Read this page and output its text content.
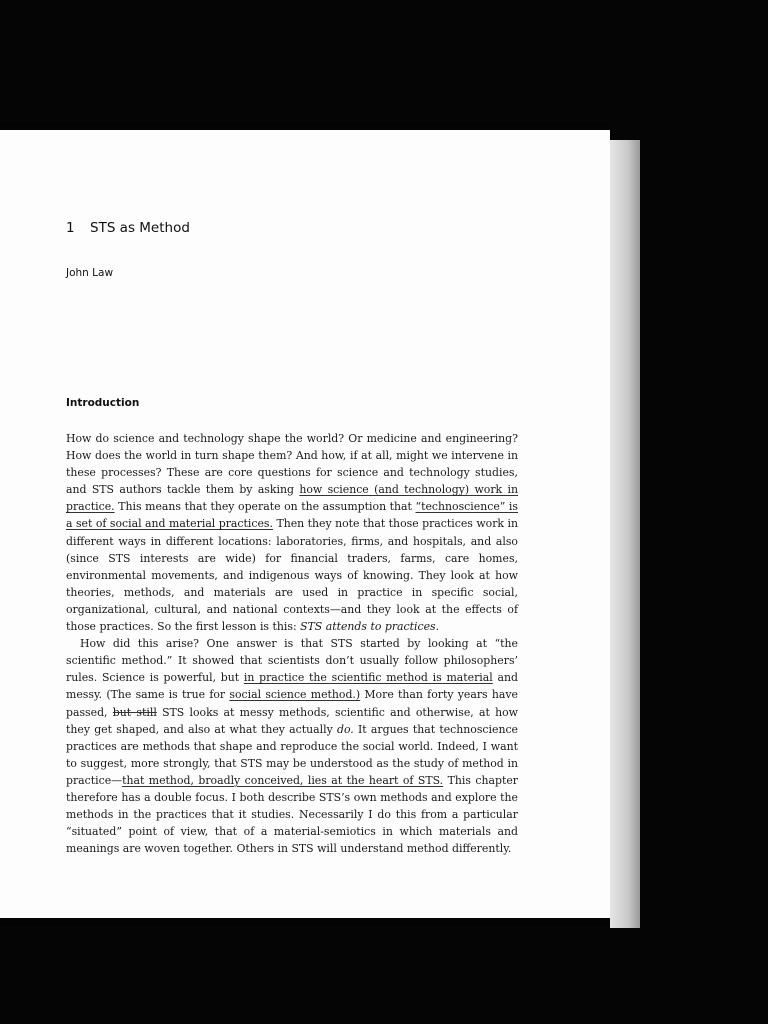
1 STS as Method
John Law
Introduction

How do science and technology shape the world? Or medicine and engineering? How does the world in turn shape them? And how, if at all, might we intervene in these processes? These are core questions for science and technology studies, and STS authors tackle them by asking how science (and technology) work in practice. This means that they operate on the assumption that “technoscience” is a set of social and material practices. Then they note that those practices work in different ways in different locations: laboratories, firms, and hospitals, and also (since STS interests are wide) for financial traders, farms, care homes, environmental movements, and indigenous ways of knowing. They look at how theories, methods, and materials are used in practice in specific social, organizational, cultural, and national contexts—and they look at the effects of those practices. So the first lesson is this: STS attends to practices.

How did this arise? One answer is that STS started by looking at “the scientific method.” It showed that scientists don’t usually follow philosophers’ rules. Science is powerful, but in practice the scientific method is material and messy. (The same is true for social science method.) More than forty years have passed, but still STS looks at messy methods, scientific and otherwise, at how they get shaped, and also at what they actually do. It argues that technoscience practices are methods that shape and reproduce the social world. Indeed, I want to suggest, more strongly, that STS may be understood as the study of method in practice—that method, broadly conceived, lies at the heart of STS. This chapter therefore has a double focus. I both describe STS’s own methods and explore the methods in the practices that it studies. Necessarily I do this from a particular “situated” point of view, that of a material-semiotics in which materials and meanings are woven together. Others in STS will understand method differently.
